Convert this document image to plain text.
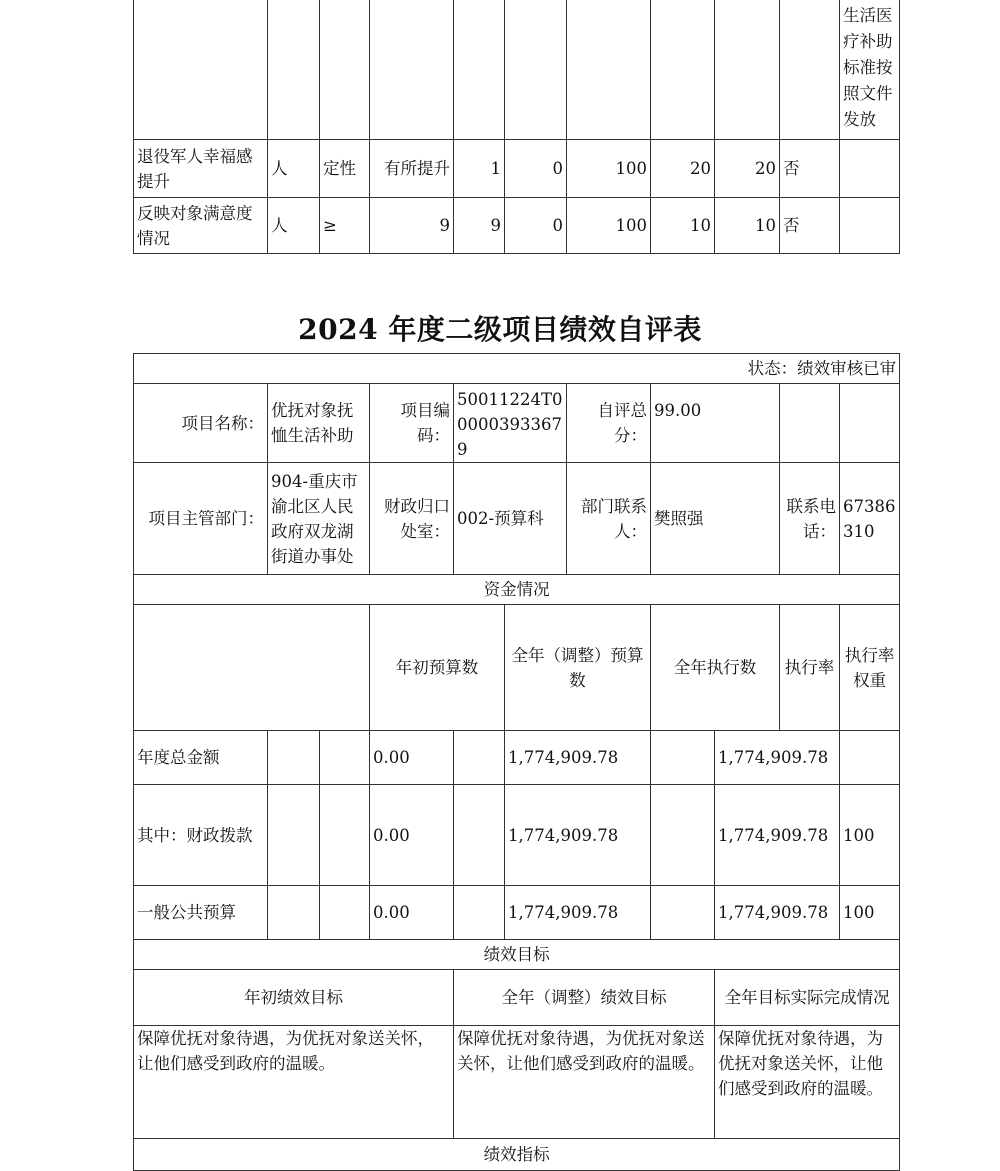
										生活医疗补助标准按照文件发放
退役军人幸福感提升	人	定性	有所提升	1	0	100	20	20	否	
反映对象满意度情况	人	≥	9	9	0	100	10	10	否	
2024 年度二级项目绩效自评表
状态：绩效审核已审											
项目名称：	优抚对象抚恤生活补助		项目编码：	50011224T000003933679		自评总分：	99.00				
项目主管部门：	904-重庆市渝北区人民政府双龙湖街道办事处		财政归口处室：	002-预算科		部门联系人：	樊照强		联系电话：	67386310	
资金情况											
			年初预算数		全年（调整）预算数		全年执行数		执行率	执行率权重	
年度总金额			0.00		1,774,909.78			1,774,909.78			
其中：财政拨款			0.00		1,774,909.78			1,774,909.78		100	
一般公共预算			0.00		1,774,909.78			1,774,909.78		100	
绩效目标											
年初绩效目标				全年（调整）绩效目标				全年目标实际完成情况			
保障优抚对象待遇，为优抚对象送关怀，让他们感受到政府的温暖。				保障优抚对象待遇，为优抚对象送关怀，让他们感受到政府的温暖。				保障优抚对象待遇，为优抚对象送关怀，让他们感受到政府的温暖。			
绩效指标											
